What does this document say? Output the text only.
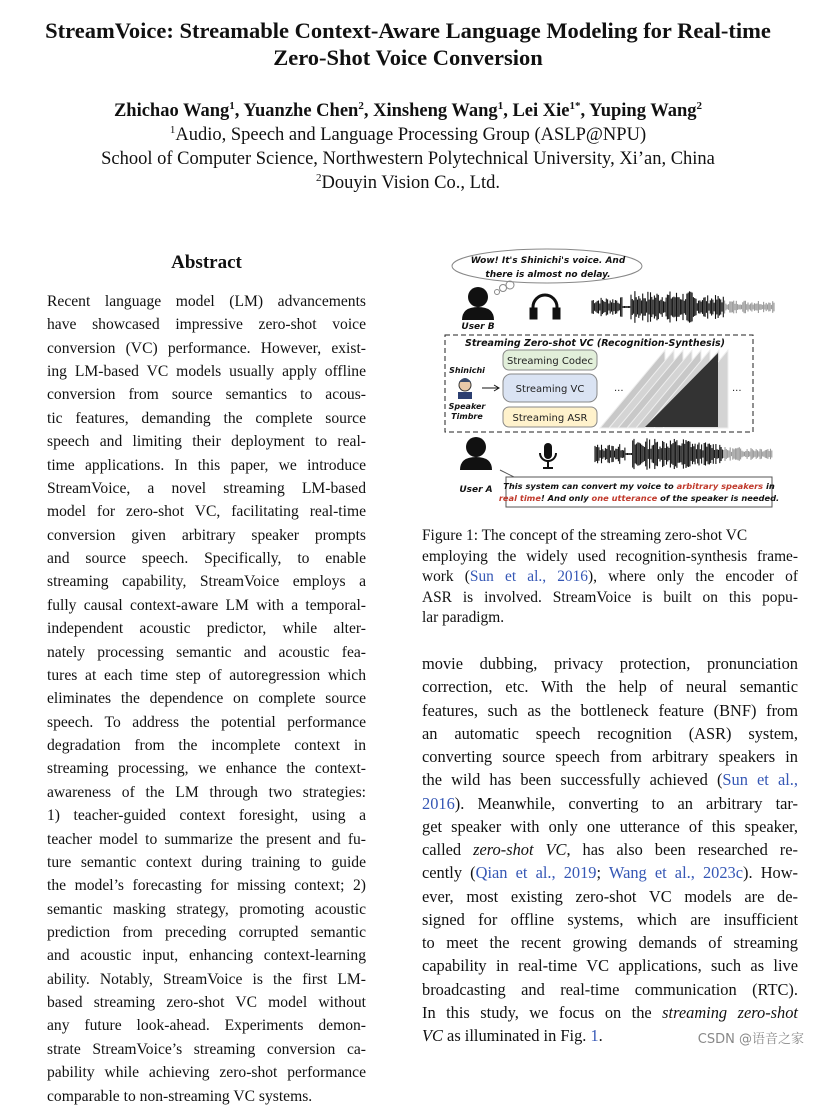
StreamVoice: Streamable Context-Aware Language Modeling for Real-time
Zero-Shot Voice Conversion
Zhichao Wang$^1$, Yuanzhe Chen$^2$, Xinsheng Wang$^1$, Lei Xie$^{1*}$, Yuping Wang$^2$
$^1$Audio, Speech and Language Processing Group (ASLP@NPU)
School of Computer Science, Northwestern Polytechnical University, Xi’an, China
$^2$Douyin Vision Co., Ltd.
Abstract
Recent language model (LM) advancements
have showcased impressive zero-shot voice
conversion (VC) performance. However, exist-
ing LM-based VC models usually apply offline
conversion from source semantics to acous-
tic features, demanding the complete source
speech and limiting their deployment to real-
time applications. In this paper, we introduce
StreamVoice, a novel streaming LM-based
model for zero-shot VC, facilitating real-time
conversion given arbitrary speaker prompts
and source speech. Specifically, to enable
streaming capability, StreamVoice employs a
fully causal context-aware LM with a temporal-
independent acoustic predictor, while alter-
nately processing semantic and acoustic fea-
tures at each time step of autoregression which
eliminates the dependence on complete source
speech. To address the potential performance
degradation from the incomplete context in
streaming processing, we enhance the context-
awareness of the LM through two strategies:
1) teacher-guided context foresight, using a
teacher model to summarize the present and fu-
ture semantic context during training to guide
the model’s forecasting for missing context; 2)
semantic masking strategy, promoting acoustic
prediction from preceding corrupted semantic
and acoustic input, enhancing context-learning
ability. Notably, StreamVoice is the first LM-
based streaming zero-shot VC model without
any future look-ahead. Experiments demon-
strate StreamVoice’s streaming conversion ca-
pability while achieving zero-shot performance
comparable to non-streaming VC systems.
Wow! It's Shinichi's voice. And
there is almost no delay.
User B
Streaming Zero-shot VC (Recognition-Synthesis)
Shinichi
Speaker
Timbre
Streaming Codec
Streaming VC
Streaming ASR
...	...
User A This system can convert my voice to arbitrary speakers in
real time! And only one utterance of the speaker is needed.
Figure 1: The concept of the streaming zero-shot VC
employing the widely used recognition-synthesis frame-
work (Sun et al., 2016), where only the encoder of
ASR is involved. StreamVoice is built on this popu-
lar paradigm.
movie dubbing, privacy protection, pronunciation
correction, etc. With the help of neural semantic
features, such as the bottleneck feature (BNF) from
an automatic speech recognition (ASR) system,
converting source speech from arbitrary speakers in
the wild has been successfully achieved (Sun et al.,
2016). Meanwhile, converting to an arbitrary tar-
get speaker with only one utterance of this speaker,
called zero-shot VC, has also been researched re-
cently (Qian et al., 2019; Wang et al., 2023c). How-
ever, most existing zero-shot VC models are de-
signed for offline systems, which are insufficient
to meet the recent growing demands of streaming
capability in real-time VC applications, such as live
broadcasting and real-time communication (RTC).
In this study, we focus on the streaming zero-shot
VC as illuminated in Fig. 1.	CSDN @语音之家
